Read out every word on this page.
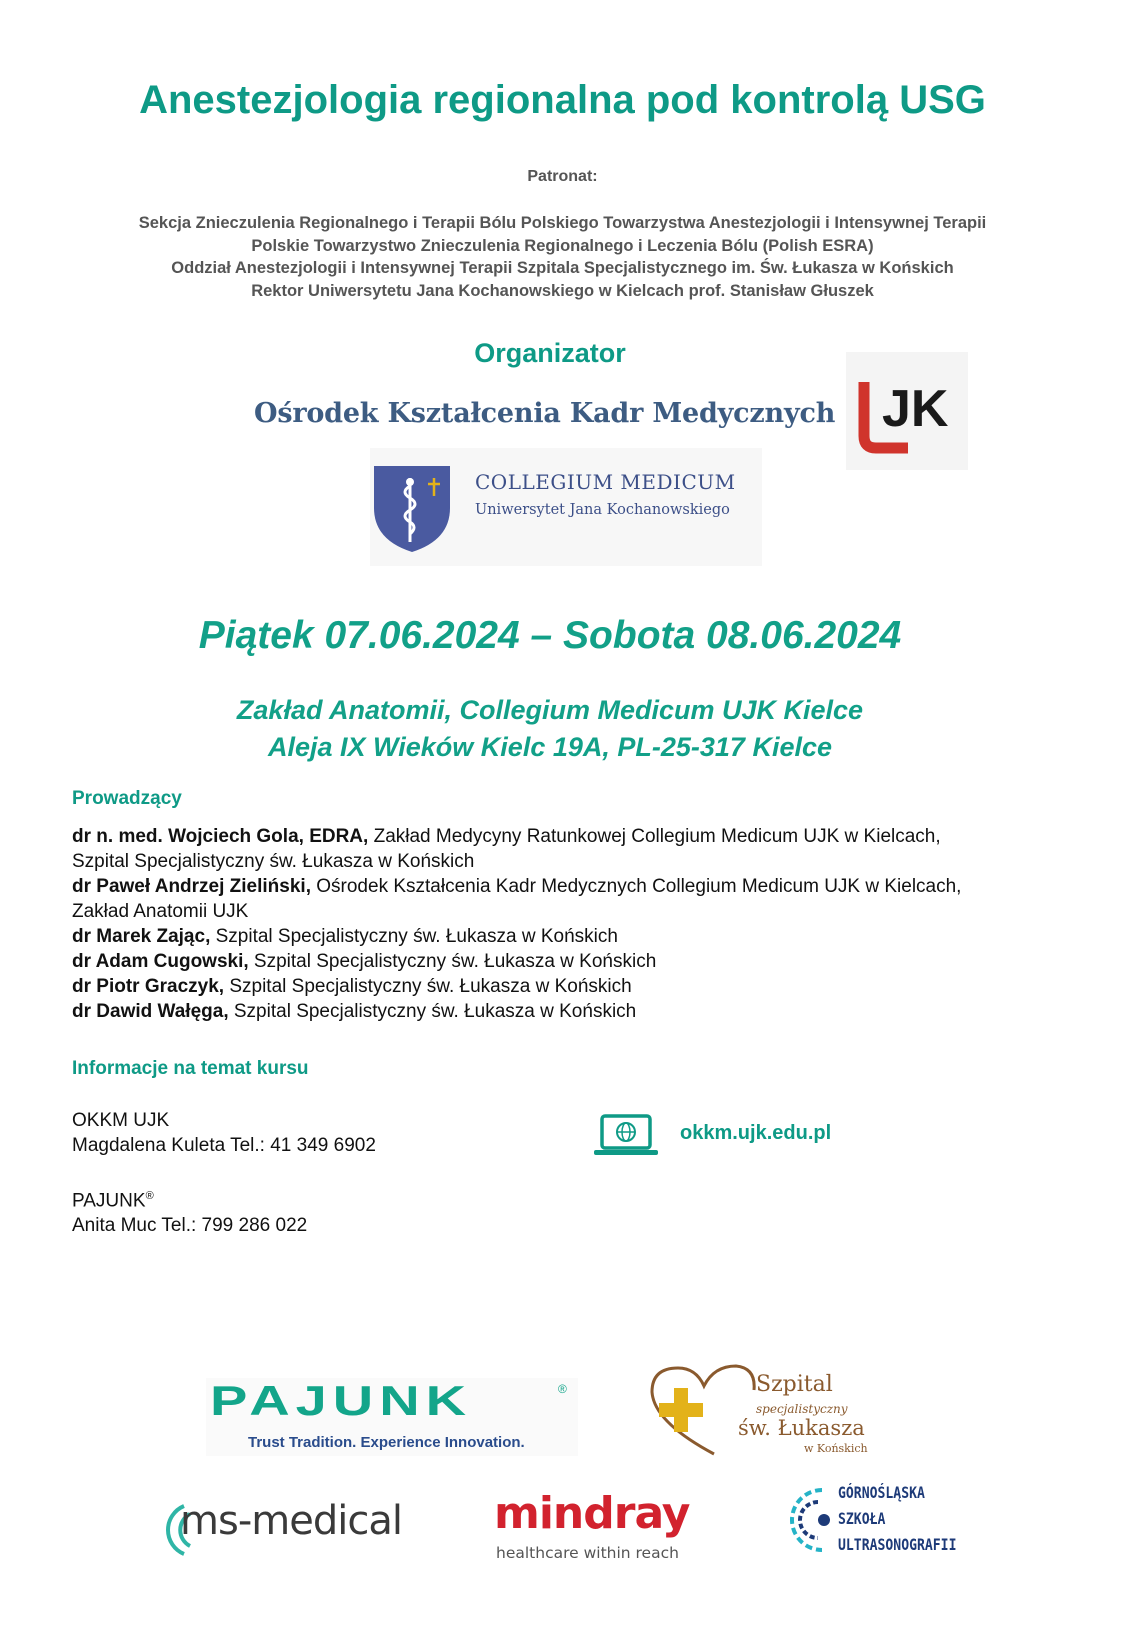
Anestezjologia regionalna pod kontrolą USG
Patronat:
Sekcja Znieczulenia Regionalnego i Terapii Bólu Polskiego Towarzystwa Anestezjologii i Intensywnej Terapii
Polskie Towarzystwo Znieczulenia Regionalnego i Leczenia Bólu (Polish ESRA)
Oddział Anestezjologii i Intensywnej Terapii Szpitala Specjalistycznego im. Św. Łukasza w Końskich
Rektor Uniwersytetu Jana Kochanowskiego w Kielcach prof. Stanisław Głuszek
Organizator
Ośrodek Kształcenia Kadr Medycznych JK
COLLEGIUM MEDICUM
Uniwersytet Jana Kochanowskiego
Piątek 07.06.2024 – Sobota 08.06.2024
Zakład Anatomii, Collegium Medicum UJK Kielce
Aleja IX Wieków Kielc 19A, PL-25-317 Kielce
Prowadzący
dr n. med. Wojciech Gola, EDRA, Zakład Medycyny Ratunkowej Collegium Medicum UJK w Kielcach,
Szpital Specjalistyczny św. Łukasza w Końskich
dr Paweł Andrzej Zieliński, Ośrodek Kształcenia Kadr Medycznych Collegium Medicum UJK w Kielcach,
Zakład Anatomii UJK
dr Marek Zając, Szpital Specjalistyczny św. Łukasza w Końskich
dr Adam Cugowski, Szpital Specjalistyczny św. Łukasza w Końskich
dr Piotr Graczyk, Szpital Specjalistyczny św. Łukasza w Końskich
dr Dawid Wałęga, Szpital Specjalistyczny św. Łukasza w Końskich
Informacje na temat kursu
OKKM UJK
Magdalena Kuleta Tel.: 41 349 6902
PAJUNK®
Anita Muc Tel.: 799 286 022
okkm.ujk.edu.pl
PAJUNK	®
Trust Tradition. Experience Innovation.
Szpital
specjalistyczny
św. Łukasza
w Końskich
ms-medical mindray
healthcare within reach
GÓRNOŚLĄSKA
SZKOŁA
ULTRASONOGRAFII
